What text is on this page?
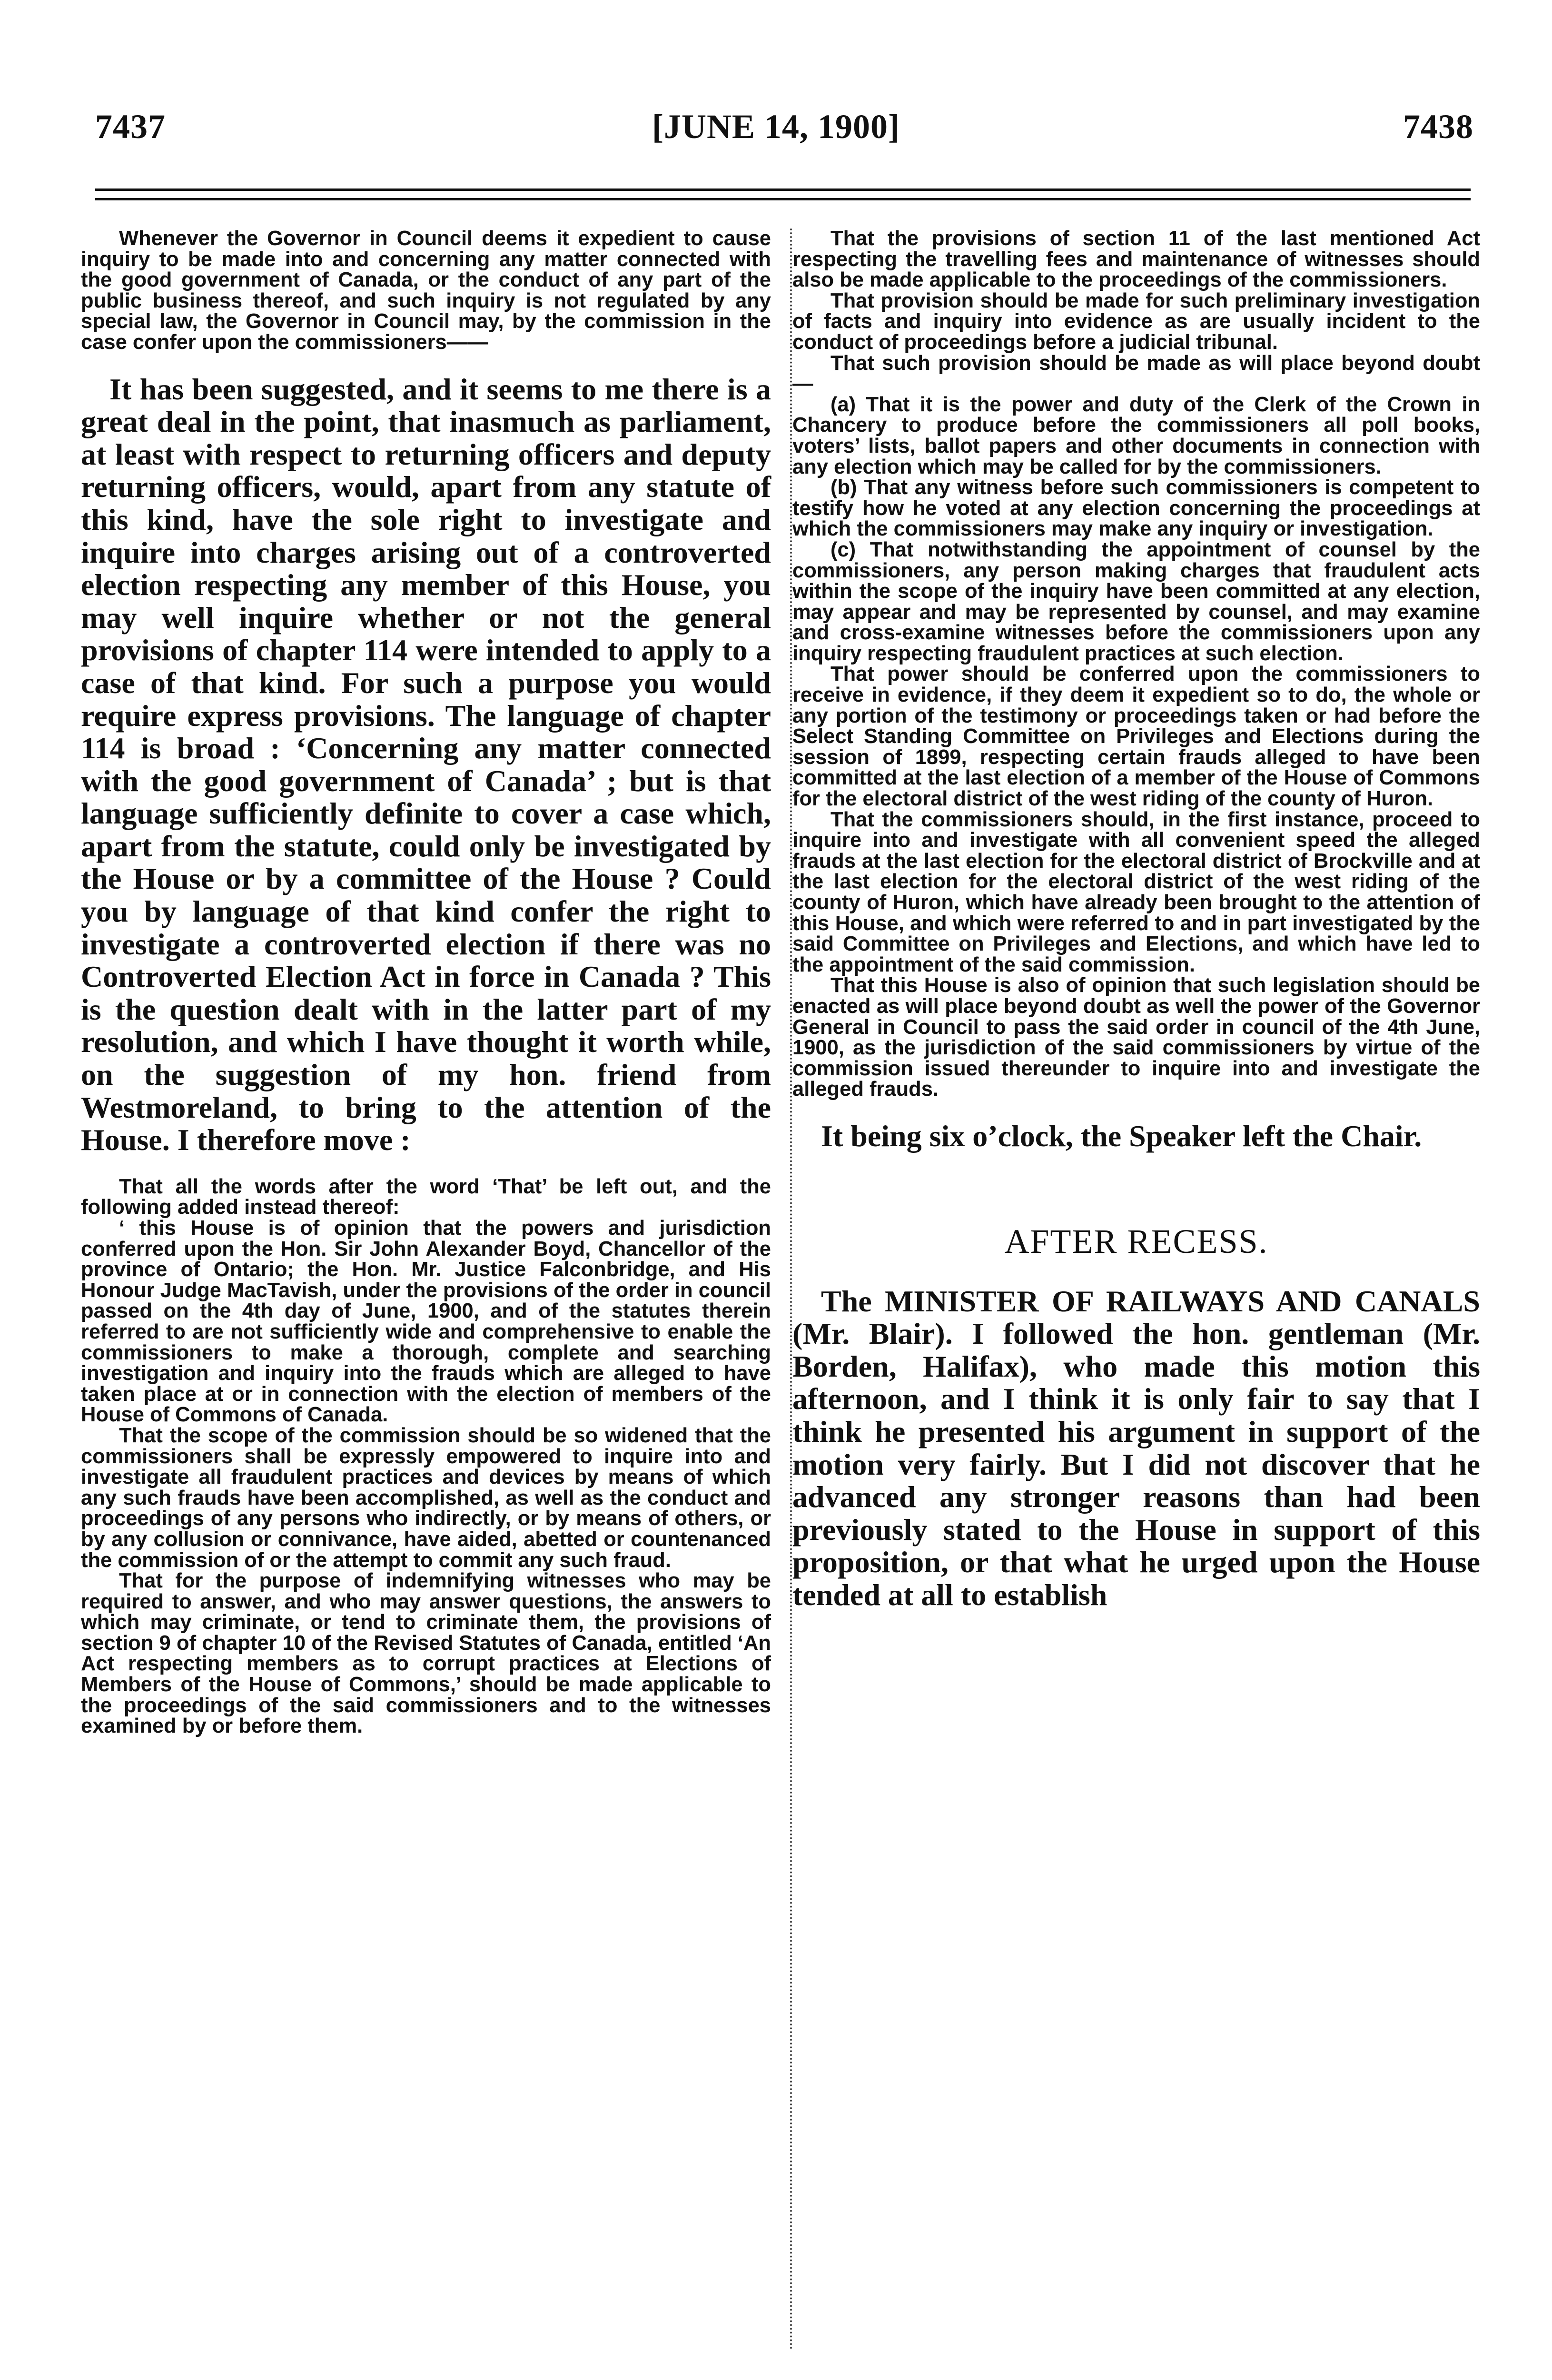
7437	[JUNE 14, 1900]	7438

Whenever the Governor in Council deems it expedient to cause inquiry to be made into and concerning any matter connected with the good government of Canada, or the conduct of any part of the public business thereof, and such inquiry is not regulated by any special law, the Governor in Council may, by the commission in the case confer upon the commissioners——

It has been suggested, and it seems to me there is a great deal in the point, that inasmuch as parliament, at least with respect to returning officers and deputy returning officers, would, apart from any statute of this kind, have the sole right to investigate and inquire into charges arising out of a controverted election respecting any member of this House, you may well inquire whether or not the general provisions of chapter 114 were intended to apply to a case of that kind. For such a purpose you would require express provisions. The language of chapter 114 is broad : ‘Concerning any matter connected with the good government of Canada’ ; but is that language sufficiently definite to cover a case which, apart from the statute, could only be investigated by the House or by a committee of the House ? Could you by language of that kind confer the right to investigate a controverted election if there was no Controverted Election Act in force in Canada ? This is the question dealt with in the latter part of my resolution, and which I have thought it worth while, on the suggestion of my hon. friend from Westmoreland, to bring to the attention of the House. I therefore move :

That all the words after the word ‘That’ be left out, and the following added instead thereof:

‘ this House is of opinion that the powers and jurisdiction conferred upon the Hon. Sir John Alexander Boyd, Chancellor of the province of Ontario; the Hon. Mr. Justice Falconbridge, and His Honour Judge MacTavish, under the provisions of the order in council passed on the 4th day of June, 1900, and of the statutes therein referred to are not sufficiently wide and comprehensive to enable the commissioners to make a thorough, complete and searching investigation and inquiry into the frauds which are alleged to have taken place at or in connection with the election of members of the House of Commons of Canada.

That the scope of the commission should be so widened that the commissioners shall be expressly empowered to inquire into and investigate all fraudulent practices and devices by means of which any such frauds have been accomplished, as well as the conduct and proceedings of any persons who indirectly, or by means of others, or by any collusion or connivance, have aided, abetted or countenanced the commission of or the attempt to commit any such fraud.

That for the purpose of indemnifying witnesses who may be required to answer, and who may answer questions, the answers to which may criminate, or tend to criminate them, the provisions of section 9 of chapter 10 of the Revised Statutes of Canada, entitled ‘An Act respecting members as to corrupt practices at Elections of Members of the House of Commons,’ should be made applicable to the proceedings of the said commissioners and to the witnesses examined by or before them.

That the provisions of section 11 of the last mentioned Act respecting the travelling fees and maintenance of witnesses should also be made applicable to the proceedings of the commissioners.

That provision should be made for such preliminary investigation of facts and inquiry into evidence as are usually incident to the conduct of proceedings before a judicial tribunal.

That such provision should be made as will place beyond doubt—

(a) That it is the power and duty of the Clerk of the Crown in Chancery to produce before the commissioners all poll books, voters’ lists, ballot papers and other documents in connection with any election which may be called for by the commissioners.

(b) That any witness before such commissioners is competent to testify how he voted at any election concerning the proceedings at which the commissioners may make any inquiry or investigation.

(c) That notwithstanding the appointment of counsel by the commissioners, any person making charges that fraudulent acts within the scope of the inquiry have been committed at any election, may appear and may be represented by counsel, and may examine and cross-examine witnesses before the commissioners upon any inquiry respecting fraudulent practices at such election.

That power should be conferred upon the commissioners to receive in evidence, if they deem it expedient so to do, the whole or any portion of the testimony or proceedings taken or had before the Select Standing Committee on Privileges and Elections during the session of 1899, respecting certain frauds alleged to have been committed at the last election of a member of the House of Commons for the electoral district of the west riding of the county of Huron.

That the commissioners should, in the first instance, proceed to inquire into and investigate with all convenient speed the alleged frauds at the last election for the electoral district of Brockville and at the last election for the electoral district of the west riding of the county of Huron, which have already been brought to the attention of this House, and which were referred to and in part investigated by the said Committee on Privileges and Elections, and which have led to the appointment of the said commission.

That this House is also of opinion that such legislation should be enacted as will place beyond doubt as well the power of the Governor General in Council to pass the said order in council of the 4th June, 1900, as the jurisdiction of the said commissioners by virtue of the commission issued thereunder to inquire into and investigate the alleged frauds.

It being six o’clock, the Speaker left the Chair.

AFTER RECESS.

The MINISTER OF RAILWAYS AND CANALS (Mr. Blair). I followed the hon. gentleman (Mr. Borden, Halifax), who made this motion this afternoon, and I think it is only fair to say that I think he presented his argument in support of the motion very fairly. But I did not discover that he advanced any stronger reasons than had been previously stated to the House in support of this proposition, or that what he urged upon the House tended at all to establish
